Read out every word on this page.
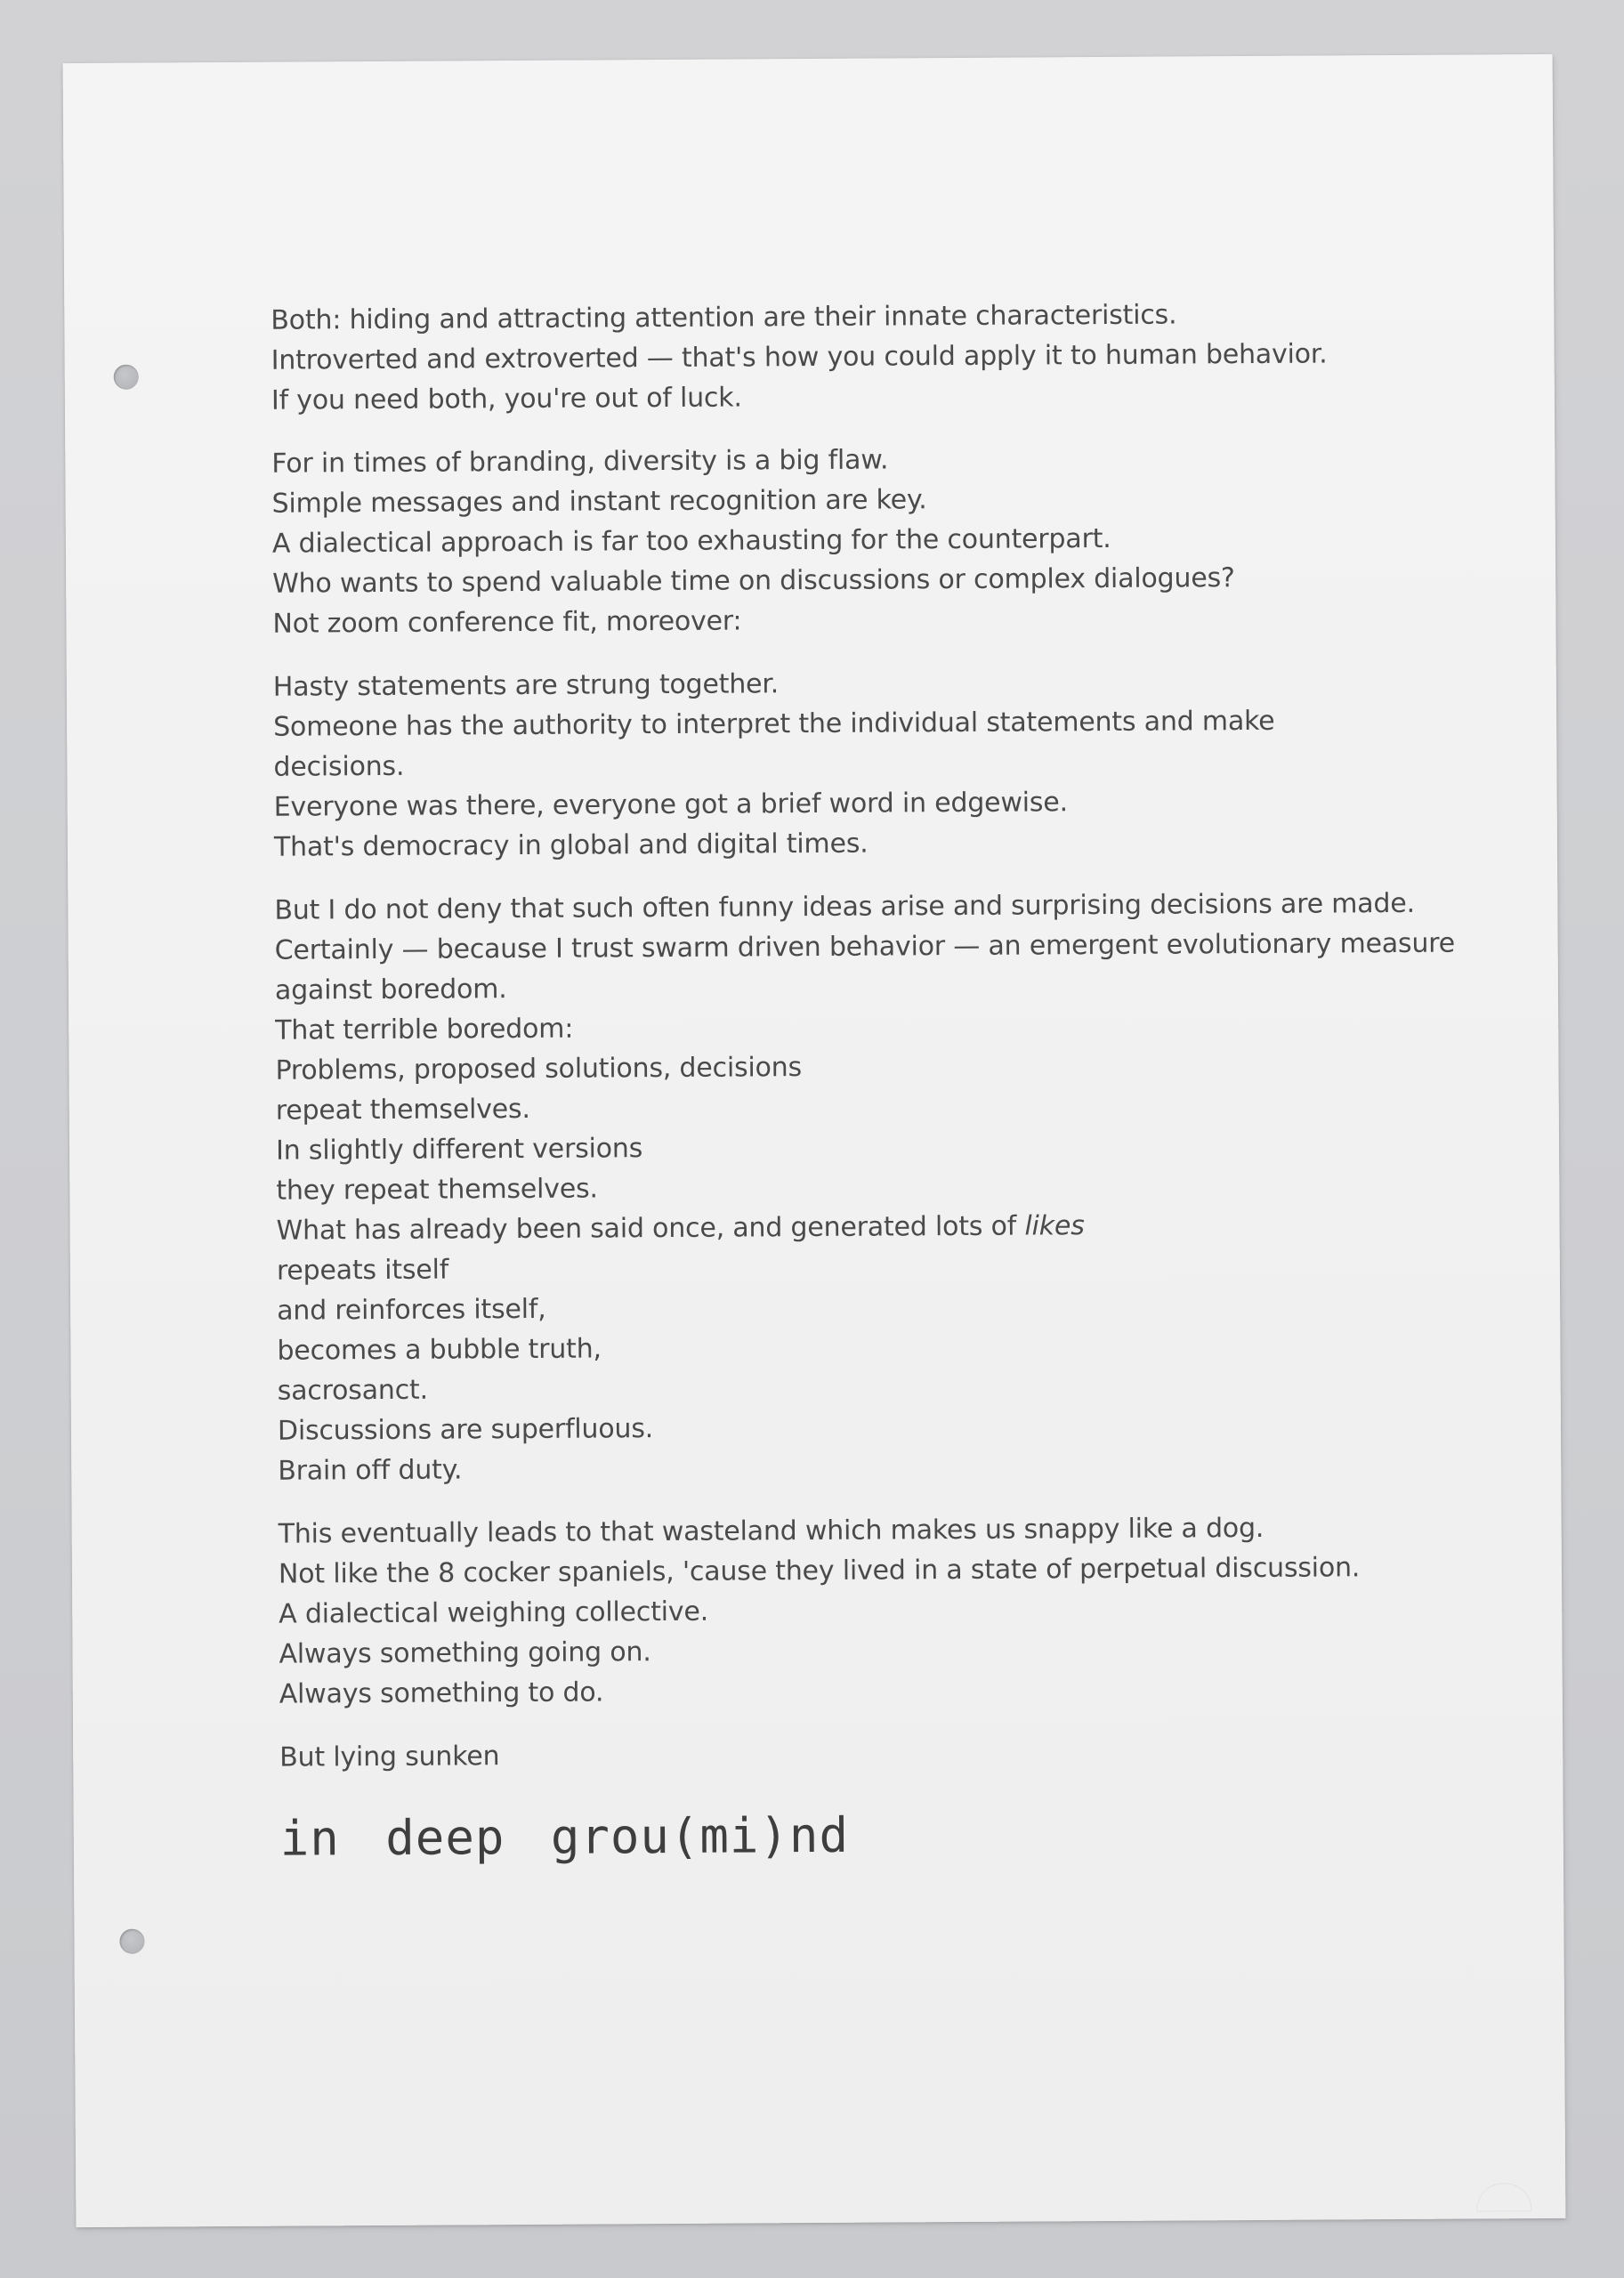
Both: hiding and attracting attention are their innate characteristics.
Introverted and extroverted — that's how you could apply it to human behavior.
If you need both, you're out of luck.
For in times of branding, diversity is a big flaw.
Simple messages and instant recognition are key.
A dialectical approach is far too exhausting for the counterpart.
Who wants to spend valuable time on discussions or complex dialogues?
Not zoom conference fit, moreover:
Hasty statements are strung together.
Someone has the authority to interpret the individual statements and make
decisions.
Everyone was there, everyone got a brief word in edgewise.
That's democracy in global and digital times.
But I do not deny that such often funny ideas arise and surprising decisions are made.
Certainly — because I trust swarm driven behavior — an emergent evolutionary measure
against boredom.
That terrible boredom:
Problems, proposed solutions, decisions
repeat themselves.
In slightly different versions
they repeat themselves.
What has already been said once, and generated lots of likes
repeats itself
and reinforces itself,
becomes a bubble truth,
sacrosanct.
Discussions are superfluous.
Brain off duty.
This eventually leads to that wasteland which makes us snappy like a dog.
Not like the 8 cocker spaniels, 'cause they lived in a state of perpetual discussion.
A dialectical weighing collective.
Always something going on.
Always something to do.
But lying sunken
in deep grou(mi)nd
